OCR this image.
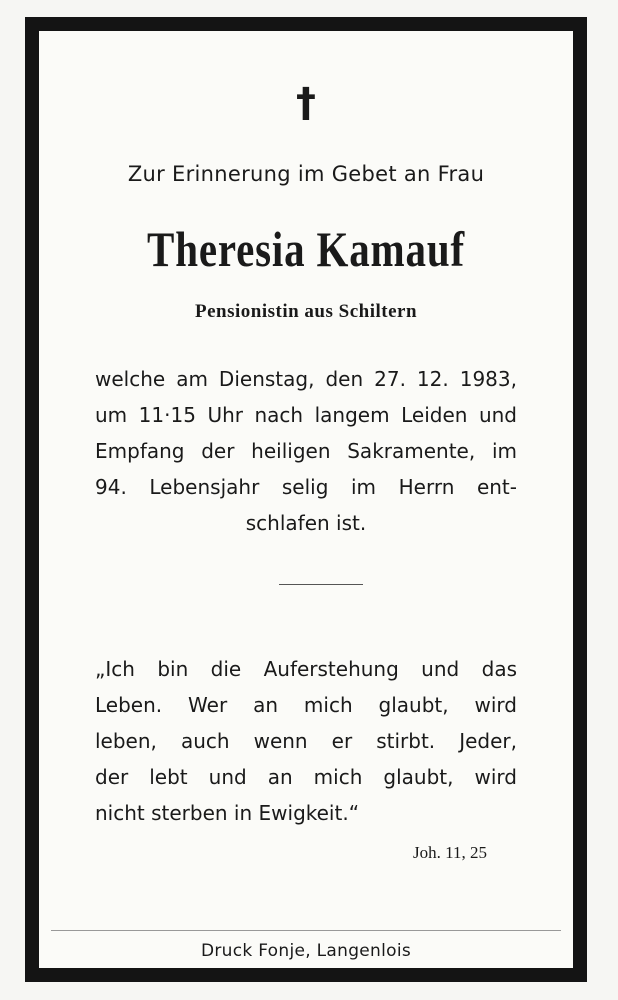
†
Zur Erinnerung im Gebet an Frau
Theresia Kamauf
Pensionistin aus Schiltern
welche am Dienstag, den 27. 12. 1983,
um 11·15 Uhr nach langem Leiden und
Empfang der heiligen Sakramente, im
94. Lebensjahr selig im Herrn ent-
schlafen ist.
„Ich bin die Auferstehung und das
Leben. Wer an mich glaubt, wird
leben, auch wenn er stirbt. Jeder,
der lebt und an mich glaubt, wird
nicht sterben in Ewigkeit.“
Joh. 11, 25
Druck Fonje, Langenlois
